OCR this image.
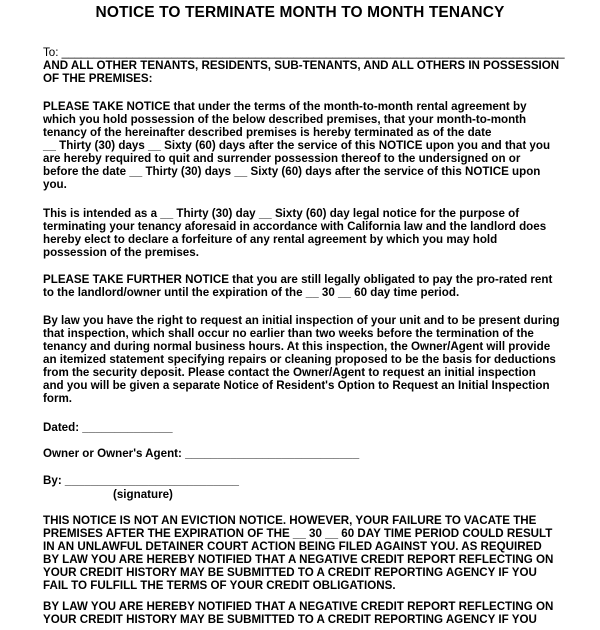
NOTICE TO TERMINATE MONTH TO MONTH TENANCY
To: ______________________________________________________________________________
AND ALL OTHER TENANTS, RESIDENTS, SUB-TENANTS, AND ALL OTHERS IN POSSESSION
OF THE PREMISES:
PLEASE TAKE NOTICE that under the terms of the month-to-month rental agreement by
which you hold possession of the below described premises, that your month-to-month
tenancy of the hereinafter described premises is hereby terminated as of the date
__ Thirty (30) days __ Sixty (60) days after the service of this NOTICE upon you and that you
are hereby required to quit and surrender possession thereof to the undersigned on or
before the date __ Thirty (30) days __ Sixty (60) days after the service of this NOTICE upon
you.
This is intended as a __ Thirty (30) day __ Sixty (60) day legal notice for the purpose of
terminating your tenancy aforesaid in accordance with California law and the landlord does
hereby elect to declare a forfeiture of any rental agreement by which you may hold
possession of the premises.
PLEASE TAKE FURTHER NOTICE that you are still legally obligated to pay the pro-rated rent
to the landlord/owner until the expiration of the __ 30 __ 60 day time period.
By law you have the right to request an initial inspection of your unit and to be present during
that inspection, which shall occur no earlier than two weeks before the termination of the
tenancy and during normal business hours. At this inspection, the Owner/Agent will provide
an itemized statement specifying repairs or cleaning proposed to be the basis for deductions
from the security deposit. Please contact the Owner/Agent to request an initial inspection
and you will be given a separate Notice of Resident's Option to Request an Initial Inspection
form.
Dated: ______________
Owner or Owner's Agent: ___________________________
By: ___________________________
(signature)
THIS NOTICE IS NOT AN EVICTION NOTICE. HOWEVER, YOUR FAILURE TO VACATE THE
PREMISES AFTER THE EXPIRATION OF THE __ 30 __ 60 DAY TIME PERIOD COULD RESULT
IN AN UNLAWFUL DETAINER COURT ACTION BEING FILED AGAINST YOU. AS REQUIRED
BY LAW YOU ARE HEREBY NOTIFIED THAT A NEGATIVE CREDIT REPORT REFLECTING ON
YOUR CREDIT HISTORY MAY BE SUBMITTED TO A CREDIT REPORTING AGENCY IF YOU
FAIL TO FULFILL THE TERMS OF YOUR CREDIT OBLIGATIONS.
BY LAW YOU ARE HEREBY NOTIFIED THAT A NEGATIVE CREDIT REPORT REFLECTING ON
YOUR CREDIT HISTORY MAY BE SUBMITTED TO A CREDIT REPORTING AGENCY IF YOU
